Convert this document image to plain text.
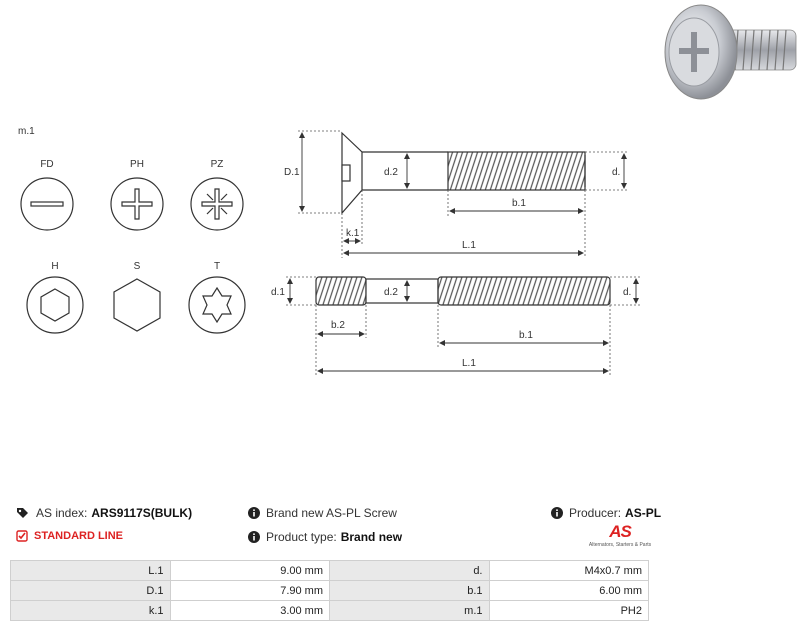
m.1
FD	PH	PZ
H	S	T
D.1	d.2	d.
b.1
k.1
L.1
d.1	d.2	d.
b.2
b.1
L.1
AS index: ARS9117S(BULK)	Brand new AS-PL Screw	Producer: AS-PL
STANDARD LINE	Product type: Brand new	AS
Alternators, Starters & Parts
L.1	9.00 mm	d.	M4x0.7 mm
D.1	7.90 mm	b.1	6.00 mm
k.1	3.00 mm	m.1	PH2
